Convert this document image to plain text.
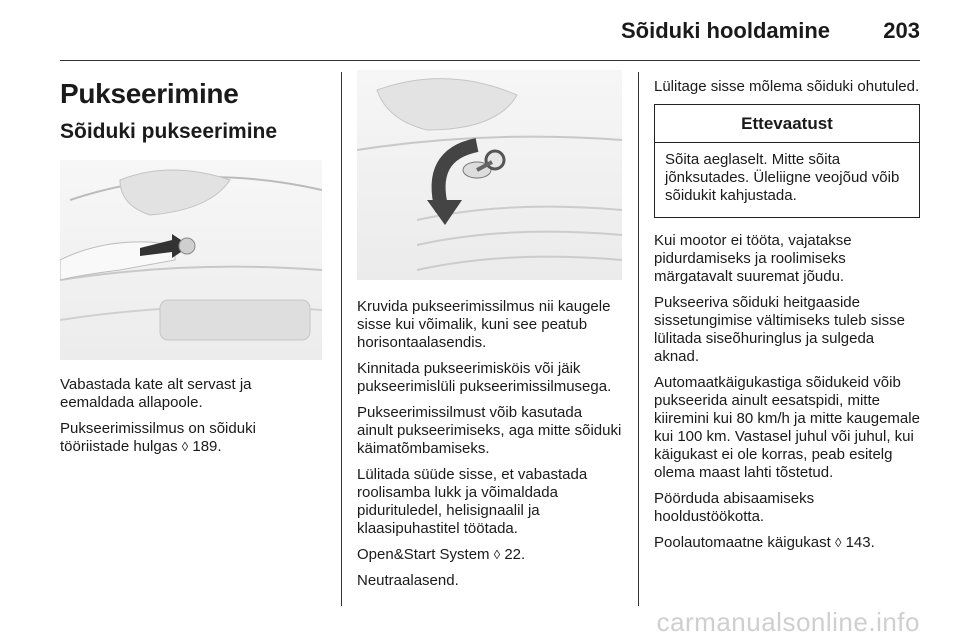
Sõiduki hooldamine 203
Pukseerimine
Sõiduki pukseerimine

Vabastada kate alt servast ja eemaldada allapoole.

Pukseerimissilmus on sõiduki tööriistade hulgas ◊ 189.

Kruvida pukseerimissilmus nii kaugele sisse kui võimalik, kuni see peatub horisontaalasendis.

Kinnitada pukseerimisköis või jäik pukseerimislüli pukseerimissilmusega.

Pukseerimissilmust võib kasutada ainult pukseerimiseks, aga mitte sõiduki käimatõmbamiseks.

Lülitada süüde sisse, et vabastada roolisamba lukk ja võimaldada pidurituledel, helisignaalil ja klaasipuhastitel töötada.

Open&Start System ◊ 22.

Neutraalasend.

Lülitage sisse mõlema sõiduki ohutuled.

Ettevaatust

Sõita aeglaselt. Mitte sõita jõnksutades. Üleliigne veojõud võib sõidukit kahjustada.

Kui mootor ei tööta, vajatakse pidurdamiseks ja roolimiseks märgatavalt suuremat jõudu.

Pukseeriva sõiduki heitgaaside sissetungimise vältimiseks tuleb sisse lülitada siseõhuringlus ja sulgeda aknad.

Automaatkäigukastiga sõidukeid võib pukseerida ainult eesatspidi, mitte kiiremini kui 80 km/h ja mitte kaugemale kui 100 km. Vastasel juhul või juhul, kui käigukast ei ole korras, peab esitelg olema maast lahti tõstetud.

Pöörduda abisaamiseks hooldustöökotta.

Poolautomaatne käigukast ◊ 143.

carmanualsonline.info
